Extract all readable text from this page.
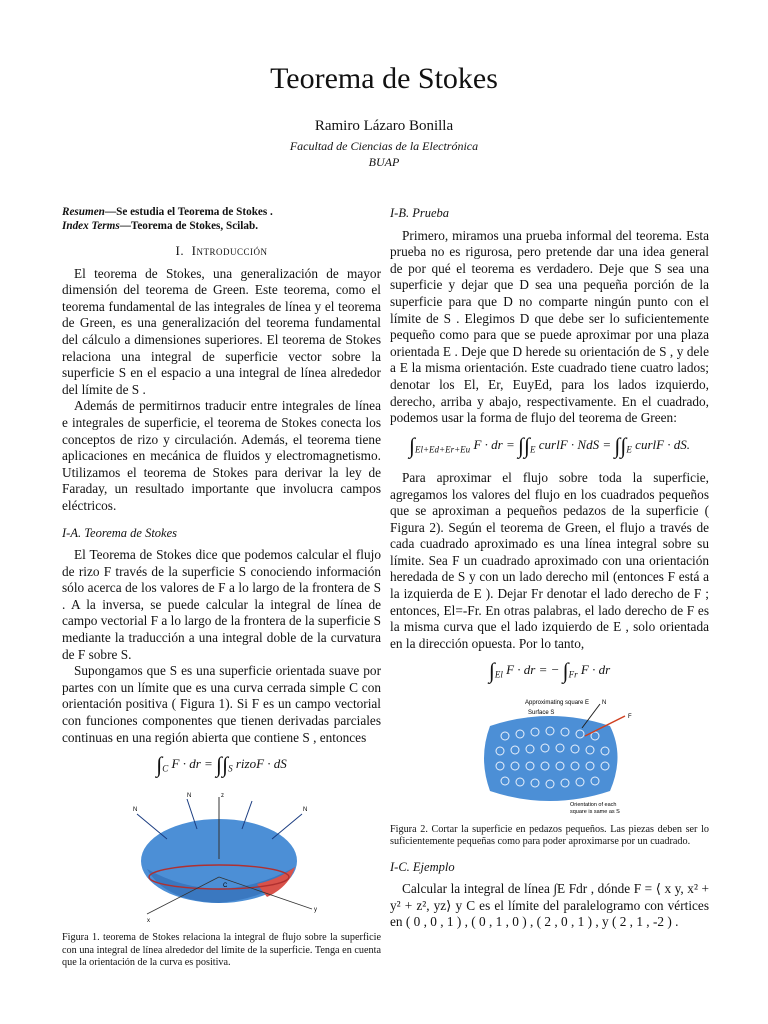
Teorema de Stokes
Ramiro Lázaro Bonilla
Facultad de Ciencias de la Electrónica
BUAP
Resumen—Se estudia el Teorema de Stokes .
Index Terms—Teorema de Stokes, Scilab.
I. Introducción

El teorema de Stokes, una generalización de mayor dimensión del teorema de Green. Este teorema, como el teorema fundamental de las integrales de línea y el teorema de Green, es una generalización del teorema fundamental del cálculo a dimensiones superiores. El teorema de Stokes relaciona una integral de superficie vector sobre la superficie S en el espacio a una integral de línea alrededor del límite de S .

Además de permitirnos traducir entre integrales de línea e integrales de superficie, el teorema de Stokes conecta los conceptos de rizo y circulación. Además, el teorema tiene aplicaciones en mecánica de fluidos y electromagnetismo. Utilizamos el teorema de Stokes para derivar la ley de Faraday, un resultado importante que involucra campos eléctricos.

I-A. Teorema de Stokes

El Teorema de Stokes dice que podemos calcular el flujo de rizo F través de la superficie S conociendo información sólo acerca de los valores de F a lo largo de la frontera de S . A la inversa, se puede calcular la integral de línea de campo vectorial F a lo largo de la frontera de la superficie S mediante la traducción a una integral doble de la curvatura de F sobre S.

Supongamos que S es una superficie orientada suave por partes con un límite que es una curva cerrada simple C con orientación positiva ( Figura 1). Si F es un campo vectorial con funciones componentes que tienen derivadas parciales continuas en una región abierta que contiene S , entonces

$\int_C$ F · dr = $\int\int_S$ rizoF · dS
N
N
N
C
x
y
z
Figura 1. teorema de Stokes relaciona la integral de flujo sobre la superficie con una integral de línea alrededor del límite de la superficie. Tenga en cuenta que la orientación de la curva es positiva.
I-B. Prueba

Primero, miramos una prueba informal del teorema. Esta prueba no es rigurosa, pero pretende dar una idea general de por qué el teorema es verdadero. Deje que S sea una superficie y dejar que D sea una pequeña porción de la superficie para que D no comparte ningún punto con el límite de S . Elegimos D que debe ser lo suficientemente pequeño como para que se puede aproximar por una plaza orientada E . Deje que D herede su orientación de S , y dele a E la misma orientación. Este cuadrado tiene cuatro lados; denotar los El, Er, EuyEd, para los lados izquierdo, derecho, arriba y abajo, respectivamente. En el cuadrado, podemos usar la forma de flujo del teorema de Green:

$\int_{El+Ed+Er+Eu}$ F · dr = $\int\int_E$ curlF · NdS = $\int\int_E$ curlF · dS.

Para aproximar el flujo sobre toda la superficie, agregamos los valores del flujo en los cuadrados pequeños que se aproximan a pequeños pedazos de la superficie ( Figura 2). Según el teorema de Green, el flujo a través de cada cuadrado aproximado es una línea integral sobre su límite. Sea F un cuadrado aproximado con una orientación heredada de S y con un lado derecho mil (entonces F está a la izquierda de E ). Dejar Fr denotar el lado derecho de F ; entonces, El=-Fr. En otras palabras, el lado derecho de F es la misma curva que el lado izquierdo de E , solo orientada en la dirección opuesta. Por lo tanto,

$\int_{El}$ F · dr = − $\int_{Fr}$ F · dr
Approximating square E N
Surface S
F
Orientation of each
square is same as S
Figura 2. Cortar la superficie en pedazos pequeños. Las piezas deben ser lo suficientemente pequeñas como para poder aproximarse por un cuadrado.
I-C. Ejemplo

Calcular la integral de línea ∫E Fdr , dónde F = ⟨ x y, x² + y² + z², yz⟩ y C es el límite del paralelogramo con vértices en ( 0 , 0 , 1 ) , ( 0 , 1 , 0 ) , ( 2 , 0 , 1 ) , y ( 2 , 1 , -2 ) .
